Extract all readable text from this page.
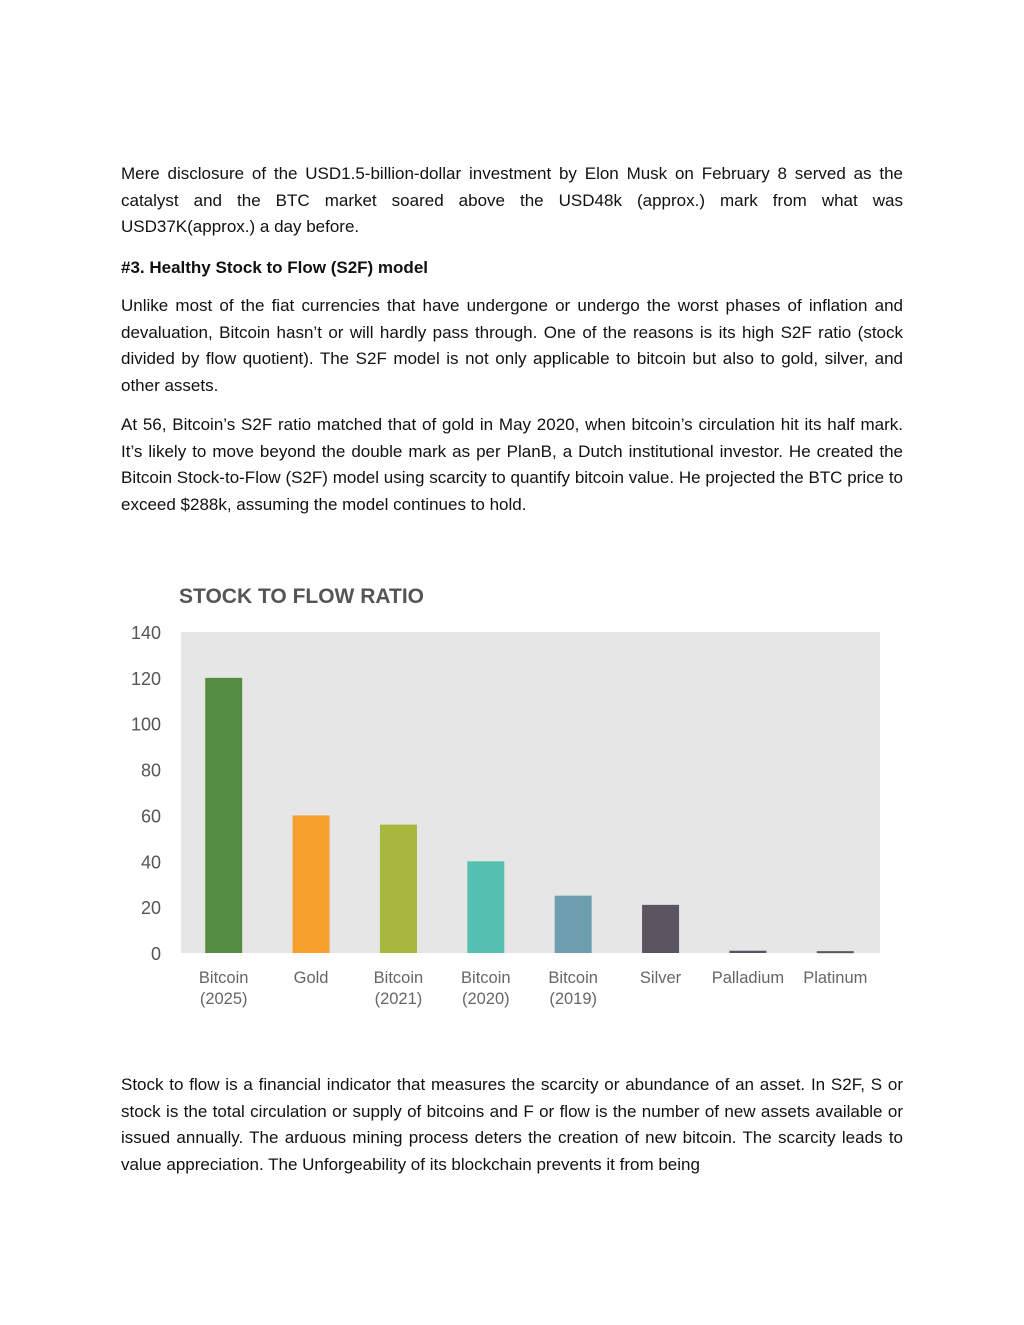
Mere disclosure of the USD1.5-billion-dollar investment by Elon Musk on February 8 served as the catalyst and the BTC market soared above the USD48k (approx.) mark from what was USD37K(approx.) a day before.

#3. Healthy Stock to Flow (S2F) model

Unlike most of the fiat currencies that have undergone or undergo the worst phases of inflation and devaluation, Bitcoin hasn’t or will hardly pass through. One of the reasons is its high S2F ratio (stock divided by flow quotient). The S2F model is not only applicable to bitcoin but also to gold, silver, and other assets.

At 56, Bitcoin’s S2F ratio matched that of gold in May 2020, when bitcoin’s circulation hit its half mark. It’s likely to move beyond the double mark as per PlanB, a Dutch institutional investor. He created the Bitcoin Stock-to-Flow (S2F) model using scarcity to quantify bitcoin value. He projected the BTC price to exceed $288k, assuming the model continues to hold.

STOCK TO FLOW RATIO
0
20
40
60
80
100
120
140
Bitcoin
(2025)
Gold	Bitcoin
(2021)
Bitcoin
(2020)
Bitcoin
(2019)
Silver Palladium Platinum

Stock to flow is a financial indicator that measures the scarcity or abundance of an asset. In S2F, S or stock is the total circulation or supply of bitcoins and F or flow is the number of new assets available or issued annually. The arduous mining process deters the creation of new bitcoin. The scarcity leads to value appreciation. The Unforgeability of its blockchain prevents it from being
